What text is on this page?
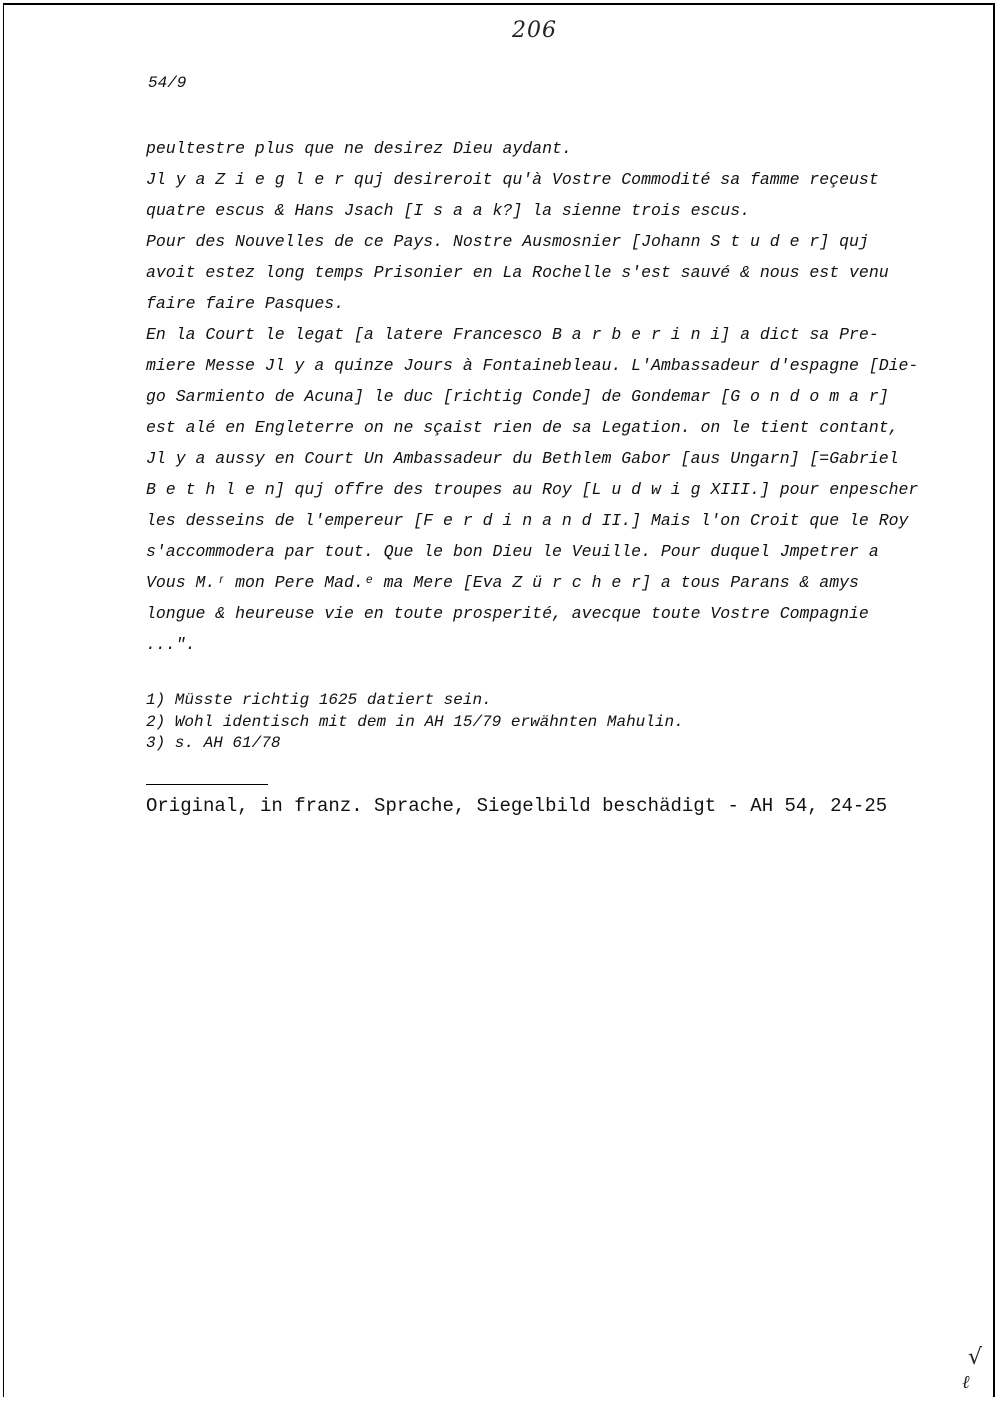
206
54/9

peultestre plus que ne desirez Dieu aydant.

Jl y a Z i e g l e r quj desireroit qu'à Vostre Commodité sa famme reçeust

quatre escus & Hans Jsach [I s a a k?] la sienne trois escus.

Pour des Nouvelles de ce Pays. Nostre Ausmosnier [Johann S t u d e r] quj

avoit estez long temps Prisonier en La Rochelle s'est sauvé & nous est venu

faire faire Pasques.

En la Court le legat [a latere Francesco B a r b e r i n i] a dict sa Pre-

miere Messe Jl y a quinze Jours à Fontainebleau. L'Ambassadeur d'espagne [Die-

go Sarmiento de Acuna] le duc [richtig Conde] de Gondemar [G o n d o m a r]

est alé en Engleterre on ne sçaist rien de sa Legation. on le tient contant,

Jl y a aussy en Court Un Ambassadeur du Bethlem Gabor [aus Ungarn] [=Gabriel

B e t h l e n] quj offre des troupes au Roy [L u d w i g XIII.] pour enpescher

les desseins de l'empereur [F e r d i n a n d II.] Mais l'on Croit que le Roy

s'accommodera par tout. Que le bon Dieu le Veuille. Pour duquel Jmpetrer a

Vous M.ʳ mon Pere Mad.ᵉ ma Mere [Eva Z ü r c h e r] a tous Parans & amys

longue & heureuse vie en toute prosperité, avecque toute Vostre Compagnie

...".

1) Müsste richtig 1625 datiert sein.

2) Wohl identisch mit dem in AH 15/79 erwähnten Mahulin.

3) s. AH 61/78

Original, in franz. Sprache, Siegelbild beschädigt - AH 54, 24-25
√
ℓ
